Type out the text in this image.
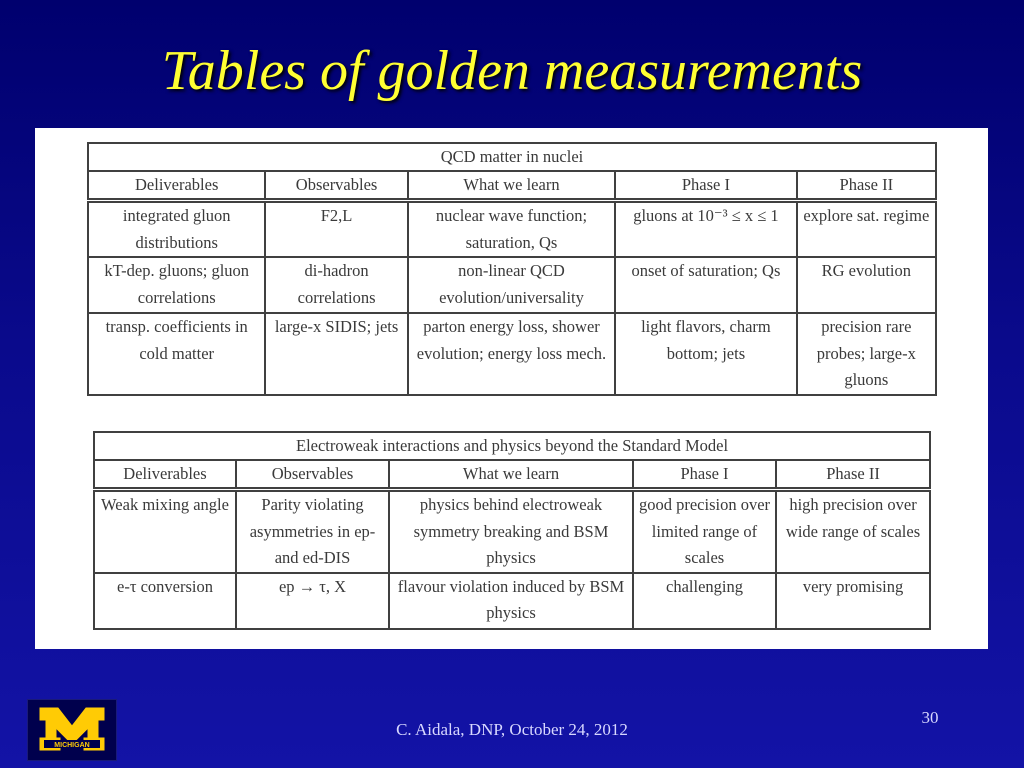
Tables of golden measurements
QCD matter in nuclei				
Deliverables	Observables	What we learn	Phase I	Phase II
integrated gluon distributions	F2,L	nuclear wave function; saturation, Qs	gluons at 10⁻³ ≤ x ≤ 1	explore sat. regime
kT-dep. gluons; gluon correlations	di-hadron correlations	non-linear QCD evolution/universality	onset of saturation; Qs	RG evolution
transp. coefficients in cold matter	large-x SIDIS; jets	parton energy loss, shower evolution; energy loss mech.	light flavors, charm bottom; jets	precision rare probes; large-x gluons
Electroweak interactions and physics beyond the Standard Model				
Deliverables	Observables	What we learn	Phase I	Phase II
Weak mixing angle	Parity violating asymmetries in ep- and ed-DIS	physics behind electroweak symmetry breaking and BSM physics	good precision over limited range of scales	high precision over wide range of scales
e-τ conversion	ep → τ, X	flavour violation induced by BSM physics	challenging	very promising
MICHIGAN
C. Aidala, DNP, October 24, 2012
30
